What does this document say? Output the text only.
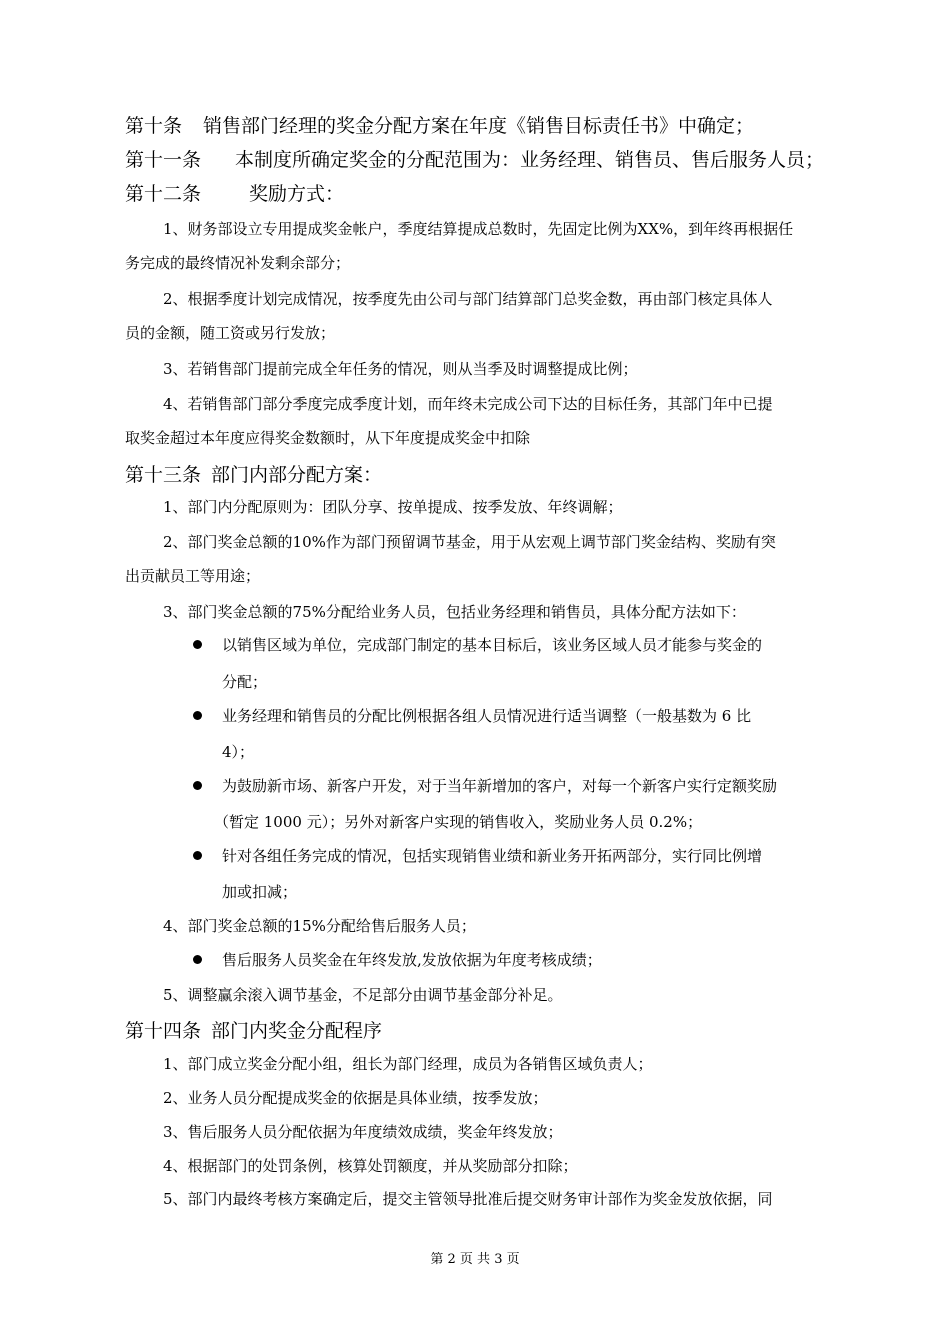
第十条 销售部门经理的奖金分配方案在年度《销售目标责任书》中确定；
第十一条 本制度所确定奖金的分配范围为：业务经理、销售员、售后服务人员；
第十二条	奖励方式：
1、财务部设立专用提成奖金帐户，季度结算提成总数时，先固定比例为XX%，到年终再根据任
务完成的最终情况补发剩余部分；
2、根据季度计划完成情况，按季度先由公司与部门结算部门总奖金数，再由部门核定具体人
员的金额，随工资或另行发放；
3、若销售部门提前完成全年任务的情况，则从当季及时调整提成比例；
4、若销售部门部分季度完成季度计划，而年终未完成公司下达的目标任务，其部门年中已提
取奖金超过本年度应得奖金数额时，从下年度提成奖金中扣除
第十三条 部门内部分配方案：
1、部门内分配原则为：团队分享、按单提成、按季发放、年终调解；
2、部门奖金总额的10%作为部门预留调节基金，用于从宏观上调节部门奖金结构、奖励有突
出贡献员工等用途；
3、部门奖金总额的75%分配给业务人员，包括业务经理和销售员，具体分配方法如下：
以销售区域为单位，完成部门制定的基本目标后，该业务区域人员才能参与奖金的
分配；
业务经理和销售员的分配比例根据各组人员情况进行适当调整（一般基数为 6 比
4）；
为鼓励新市场、新客户开发，对于当年新增加的客户，对每一个新客户实行定额奖励
（暂定 1000 元）；另外对新客户实现的销售收入，奖励业务人员 0.2%；
针对各组任务完成的情况，包括实现销售业绩和新业务开拓两部分，实行同比例增
加或扣减；
4、部门奖金总额的15%分配给售后服务人员；
售后服务人员奖金在年终发放,发放依据为年度考核成绩；
5、调整赢余滚入调节基金，不足部分由调节基金部分补足。
第十四条 部门内奖金分配程序
1、部门成立奖金分配小组，组长为部门经理，成员为各销售区域负责人；
2、业务人员分配提成奖金的依据是具体业绩，按季发放；
3、售后服务人员分配依据为年度绩效成绩，奖金年终发放；
4、根据部门的处罚条例，核算处罚额度，并从奖励部分扣除；
5、部门内最终考核方案确定后，提交主管领导批准后提交财务审计部作为奖金发放依据，同
第 2 页 共 3 页
